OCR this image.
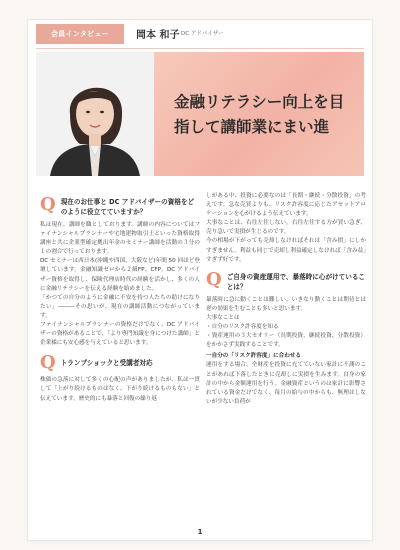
会員インタビュー	岡本 和子 DC アドバイザー
金融リテラシー向上を目指して講師業にまい進
Q 現在のお仕事と DC アドバイザーの資格をどのように役立てていますか？

私は現在、講師を職としております。講師の内容についてはファイナンシャルプランナーや宅地建物取引士といった資格取得講座と共に企業型確定拠出年金のセミナー講師を活動の３分の１の割合で行っております。

DC セミナーは西日本(沖縄や四国、大阪など)年間 50 回ほど登壇しています。金融知識ゼロから２級FP、CFP、DC アドバイザー資格を取得し、保険代理店時代の経験を活かし、多くの人に金融リテラシーを伝える経験を始めました。

「かつての自分のように金融に不安を持つ人たちの助けになりたい」―――その思いが、現在の講師活動につながっています。

ファイナンシャルプランナーの資格だけでなく、DC アドバイザーの資格があることで、「より専門知識を身につけた講師」と企業様にも安心感を与えていると思います。

Q トランプショックと受講者対応

株価の急落に対して多くの心配の声がありましたが、私は一貫して「上がり続けるものはなく、下がり続けるものもない」と伝えています。歴史的にも暴落と回復の繰り返

しがある中、投資に必要なのは「長期・継続・分散投資」の考えです。急な売買よりも、リスク許容度に応じたアセットアロケーションを心がけるよう伝えています。

大事なことは、右往左往しない。右往左往する方が買い急ぎ、売り急いで実損が生じるのです。

今の相場が下がっても売却しなければそれは「含み損」にしかすぎません。利益も同じで売却し利益確定しなければ「含み益」すぎず好です。

Q ご自身の資産運用で、暴落時に心がけていることは？

暴落時に急に動くことは難しい、いきなり動くことは期待とは逆の効果を生むことも多いと思います。

大事なことは

・自分のリスク許容度を知る

・資産運用の３大セオリー（長期投資、継続投資、分散投資）をかかさず実践することです。

一自分の「リスク許容度」に合わせる

運用をする場合、全財産を投資に充てていない家計に不測のことがあれば下落したときに売却しに実損を生みます。自身の家計の中から金額運用を行う。金融資産というのは家計に影響されている資金だけでなく、毎月の給与の中からも、無理はしないが少ない負荷が

1
